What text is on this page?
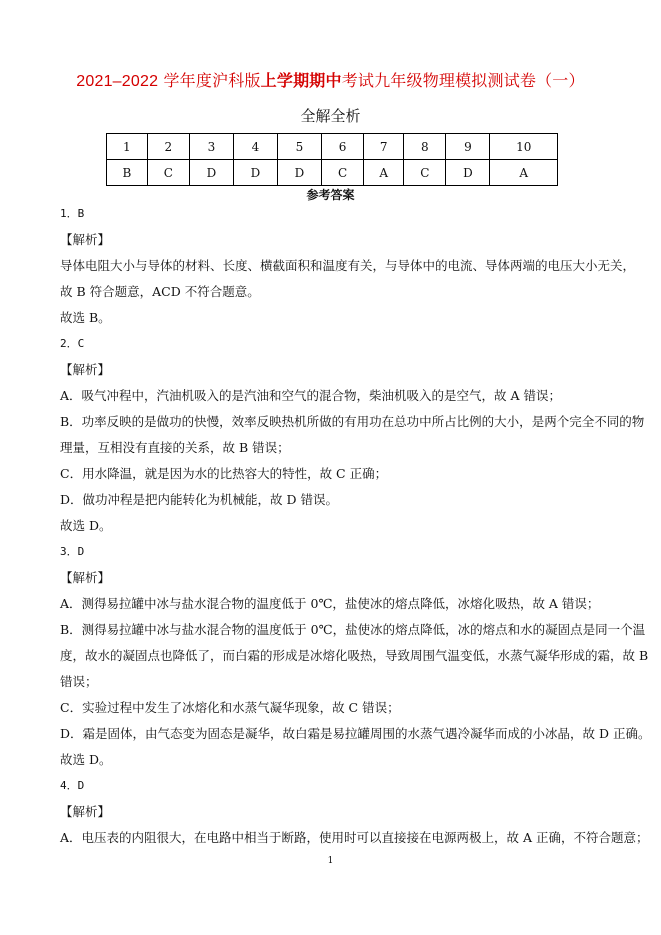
2021–2022 学年度沪科版上学期期中考试九年级物理模拟测试卷（一）
全解全析
1	2	3	4	5	6	7	8	9	10
B	C	D	D	D	C	A	C	D	A
参考答案
1．B
【解析】
导体电阻大小与导体的材料、长度、横截面积和温度有关，与导体中的电流、导体两端的电压大小无关，
故 B 符合题意，ACD 不符合题意。
故选 B。
2．C
【解析】
A．吸气冲程中，汽油机吸入的是汽油和空气的混合物，柴油机吸入的是空气，故 A 错误；
B．功率反映的是做功的快慢，效率反映热机所做的有用功在总功中所占比例的大小，是两个完全不同的物
理量，互相没有直接的关系，故 B 错误；
C．用水降温，就是因为水的比热容大的特性，故 C 正确；
D．做功冲程是把内能转化为机械能，故 D 错误。
故选 D。
3．D
【解析】
A．测得易拉罐中冰与盐水混合物的温度低于 0℃，盐使冰的熔点降低，冰熔化吸热，故 A 错误；
B．测得易拉罐中冰与盐水混合物的温度低于 0℃，盐使冰的熔点降低，冰的熔点和水的凝固点是同一个温
度，故水的凝固点也降低了，而白霜的形成是冰熔化吸热，导致周围气温变低，水蒸气凝华形成的霜，故 B
错误；
C．实验过程中发生了冰熔化和水蒸气凝华现象，故 C 错误；
D．霜是固体，由气态变为固态是凝华，故白霜是易拉罐周围的水蒸气遇冷凝华而成的小冰晶，故 D 正确。
故选 D。
4．D
【解析】
A．电压表的内阻很大，在电路中相当于断路，使用时可以直接接在电源两极上，故 A 正确，不符合题意；
1
